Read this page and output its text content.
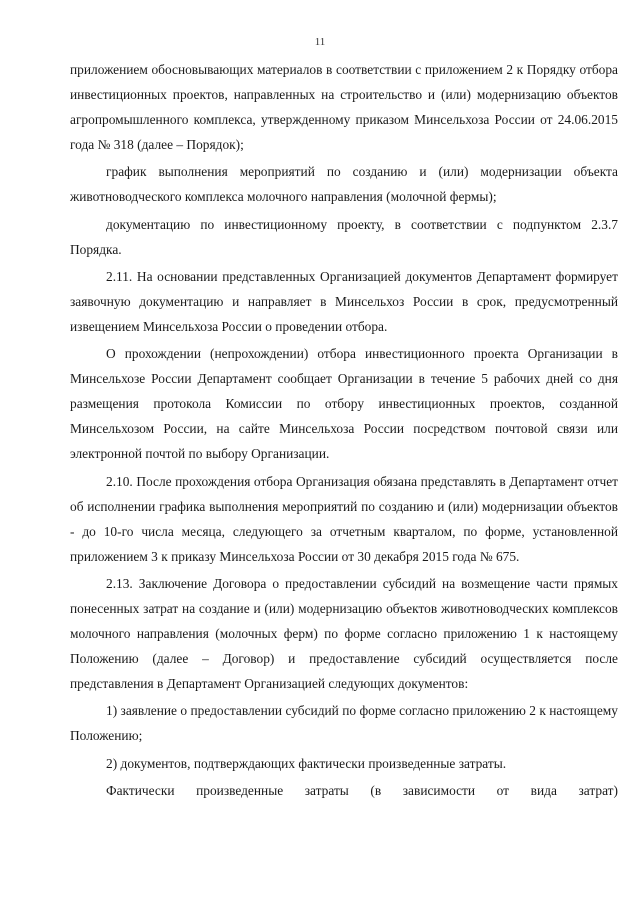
11

приложением обосновывающих материалов в соответствии с приложением 2 к Порядку отбора инвестиционных проектов, направленных на строительство и (или) модернизацию объектов агропромышленного комплекса, утвержденному приказом Минсельхоза России от 24.06.2015 года № 318 (далее – Порядок);

график выполнения мероприятий по созданию и (или) модернизации объекта животноводческого комплекса молочного направления (молочной фермы);

документацию по инвестиционному проекту, в соответствии с подпунктом 2.3.7 Порядка.

2.11. На основании представленных Организацией документов Департамент формирует заявочную документацию и направляет в Минсельхоз России в срок, предусмотренный извещением Минсельхоза России о проведении отбора.

О прохождении (непрохождении) отбора инвестиционного проекта Организации в Минсельхозе России Департамент сообщает Организации в течение 5 рабочих дней со дня размещения протокола Комиссии по отбору инвестиционных проектов, созданной Минсельхозом России, на сайте Минсельхоза России посредством почтовой связи или электронной почтой по выбору Организации.

2.10. После прохождения отбора Организация обязана представлять в Департамент отчет об исполнении графика выполнения мероприятий по созданию и (или) модернизации объектов - до 10-го числа месяца, следующего за отчетным кварталом, по форме, установленной приложением 3 к приказу Минсельхоза России от 30 декабря 2015 года № 675.

2.13. Заключение Договора о предоставлении субсидий на возмещение части прямых понесенных затрат на создание и (или) модернизацию объектов животноводческих комплексов молочного направления (молочных ферм) по форме согласно приложению 1 к настоящему Положению (далее – Договор) и предоставление субсидий осуществляется после представления в Департамент Организацией следующих документов:

1) заявление о предоставлении субсидий по форме согласно приложению 2 к настоящему Положению;

2) документов, подтверждающих фактически произведенные затраты.

Фактически произведенные затраты (в зависимости от вида затрат)
